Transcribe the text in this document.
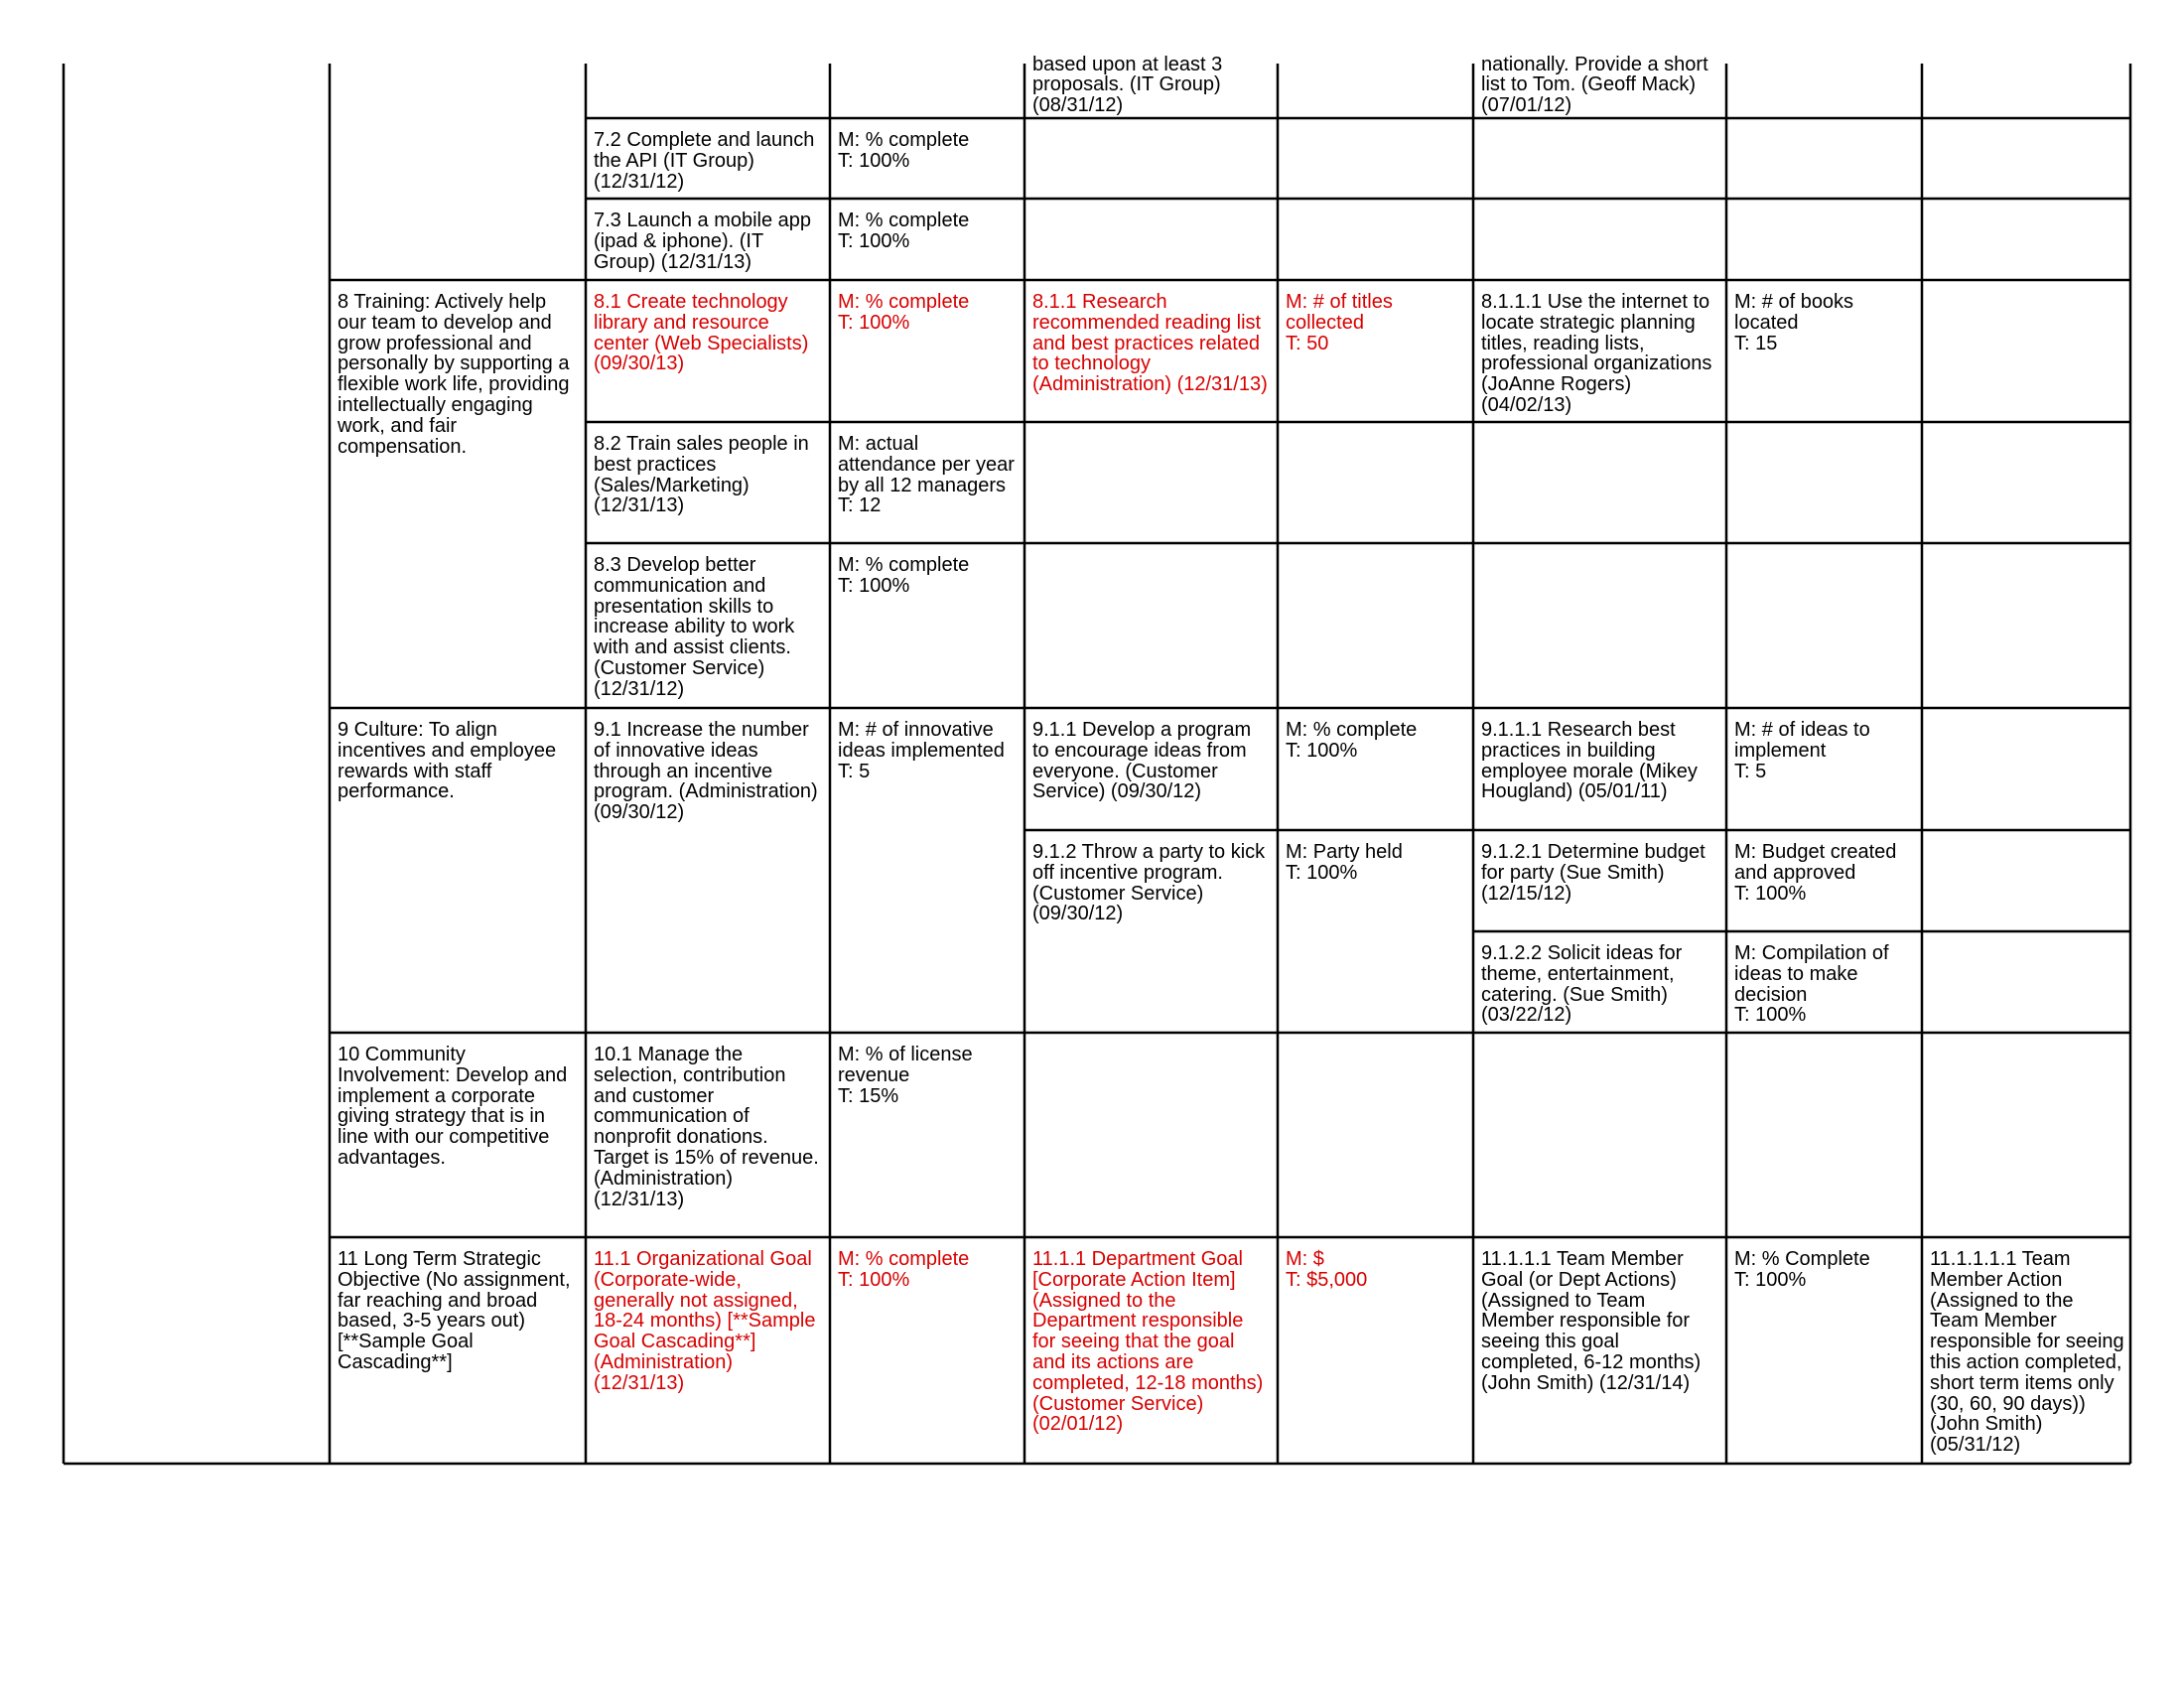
based upon at least 3 proposals. (IT Group) (08/31/12)
nationally. Provide a short list to Tom. (Geoff Mack) (07/01/12)
7.2 Complete and launch the API (IT Group) (12/31/12)
M: % complete
T: 100%
7.3 Launch a mobile app (ipad & iphone). (IT Group) (12/31/13)
M: % complete
T: 100%
8 Training: Actively help our team to develop and grow professional and personally by supporting a flexible work life, providing intellectually engaging work, and fair compensation.
8.1 Create technology library and resource center (Web Specialists) (09/30/13)
M: % complete
T: 100%
8.1.1 Research recommended reading list and best practices related to technology (Administration) (12/31/13)
M: # of titles collected
T: 50
8.1.1.1 Use the internet to locate strategic planning titles, reading lists, professional organizations (JoAnne Rogers) (04/02/13)
M: # of books located
T: 15
8.2 Train sales people in best practices (Sales/Marketing) (12/31/13)
M: actual attendance per year by all 12 managers
T: 12
8.3 Develop better communication and presentation skills to increase ability to work with and assist clients. (Customer Service) (12/31/12)
M: % complete
T: 100%
9 Culture: To align incentives and employee rewards with staff performance.
9.1 Increase the number of innovative ideas through an incentive program. (Administration) (09/30/12)
M: # of innovative ideas implemented
T: 5
9.1.1 Develop a program to encourage ideas from everyone. (Customer Service) (09/30/12)
M: % complete
T: 100%
9.1.1.1 Research best practices in building employee morale (Mikey Hougland) (05/01/11)
M: # of ideas to implement
T: 5
9.1.2 Throw a party to kick off incentive program. (Customer Service) (09/30/12)
M: Party held
T: 100%
9.1.2.1 Determine budget for party (Sue Smith) (12/15/12)
M: Budget created and approved
T: 100%
9.1.2.2 Solicit ideas for theme, entertainment, catering. (Sue Smith) (03/22/12)
M: Compilation of ideas to make decision
T: 100%
10 Community Involvement: Develop and implement a corporate giving strategy that is in line with our competitive advantages.
10.1 Manage the selection, contribution and customer communication of nonprofit donations. Target is 15% of revenue. (Administration) (12/31/13)
M: % of license revenue
T: 15%
11 Long Term Strategic Objective (No assignment, far reaching and broad based, 3-5 years out) [**Sample Goal Cascading**]
11.1 Organizational Goal (Corporate-wide, generally not assigned, 18-24 months) [**Sample Goal Cascading**] (Administration) (12/31/13)
M: % complete
T: 100%
11.1.1 Department Goal [Corporate Action Item] (Assigned to the Department responsible for seeing that the goal and its actions are completed, 12-18 months) (Customer Service) (02/01/12)
M: $
T: $5,000
11.1.1.1 Team Member Goal (or Dept Actions) (Assigned to Team Member responsible for seeing this goal completed, 6-12 months) (John Smith) (12/31/14)
M: % Complete
T: 100%
11.1.1.1.1 Team Member Action (Assigned to the Team Member responsible for seeing this action completed, short term items only (30, 60, 90 days)) (John Smith) (05/31/12)
